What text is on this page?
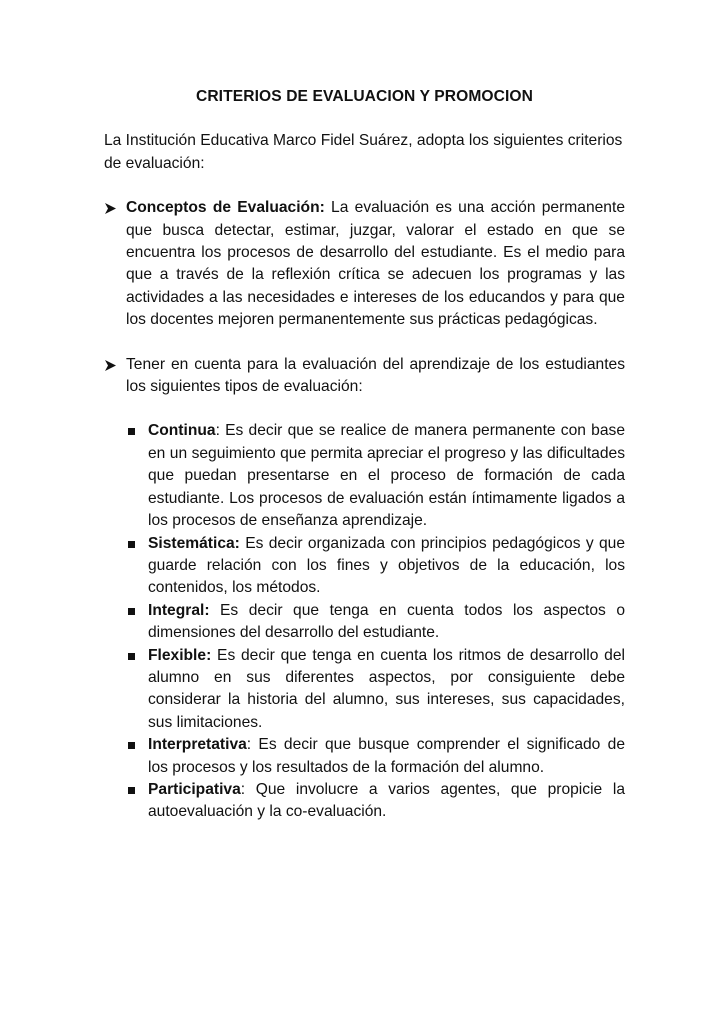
CRITERIOS DE EVALUACION Y PROMOCION
La Institución Educativa Marco Fidel Suárez, adopta los siguientes criterios de evaluación:
Conceptos de Evaluación: La evaluación es una acción permanente que busca detectar, estimar, juzgar, valorar el estado en que se encuentra los procesos de desarrollo del estudiante. Es el medio para que a través de la reflexión crítica se adecuen los programas y las actividades a las necesidades e intereses de los educandos y para que los docentes mejoren permanentemente sus prácticas pedagógicas.
Tener en cuenta para la evaluación del aprendizaje de los estudiantes los siguientes tipos de evaluación:
Continua: Es decir que se realice de manera permanente con base en un seguimiento que permita apreciar el progreso y las dificultades que puedan presentarse en el proceso de formación de cada estudiante. Los procesos de evaluación están íntimamente ligados a los procesos de enseñanza aprendizaje.
Sistemática: Es decir organizada con principios pedagógicos y que guarde relación con los fines y objetivos de la educación, los contenidos, los métodos.
Integral: Es decir que tenga en cuenta todos los aspectos o dimensiones del desarrollo del estudiante.
Flexible: Es decir que tenga en cuenta los ritmos de desarrollo del alumno en sus diferentes aspectos, por consiguiente debe considerar la historia del alumno, sus intereses, sus capacidades, sus limitaciones.
Interpretativa: Es decir que busque comprender el significado de los procesos y los resultados de la formación del alumno.
Participativa: Que involucre a varios agentes, que propicie la autoevaluación y la co-evaluación.
